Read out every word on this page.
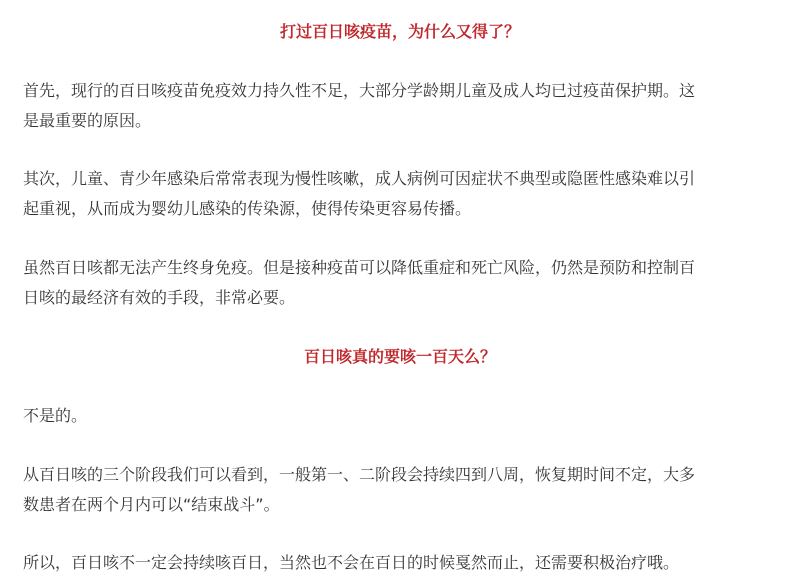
打过百日咳疫苗，为什么又得了？

首先，现行的百日咳疫苗免疫效力持久性不足，大部分学龄期儿童及成人均已过疫苗保护期。这
是最重要的原因。

其次，儿童、青少年感染后常常表现为慢性咳嗽，成人病例可因症状不典型或隐匿性感染难以引
起重视，从而成为婴幼儿感染的传染源，使得传染更容易传播。

虽然百日咳都无法产生终身免疫。但是接种疫苗可以降低重症和死亡风险，仍然是预防和控制百
日咳的最经济有效的手段，非常必要。

百日咳真的要咳一百天么？

不是的。

从百日咳的三个阶段我们可以看到，一般第一、二阶段会持续四到八周，恢复期时间不定，大多
数患者在两个月内可以“结束战斗”。

所以，百日咳不一定会持续咳百日，当然也不会在百日的时候戛然而止，还需要积极治疗哦。
